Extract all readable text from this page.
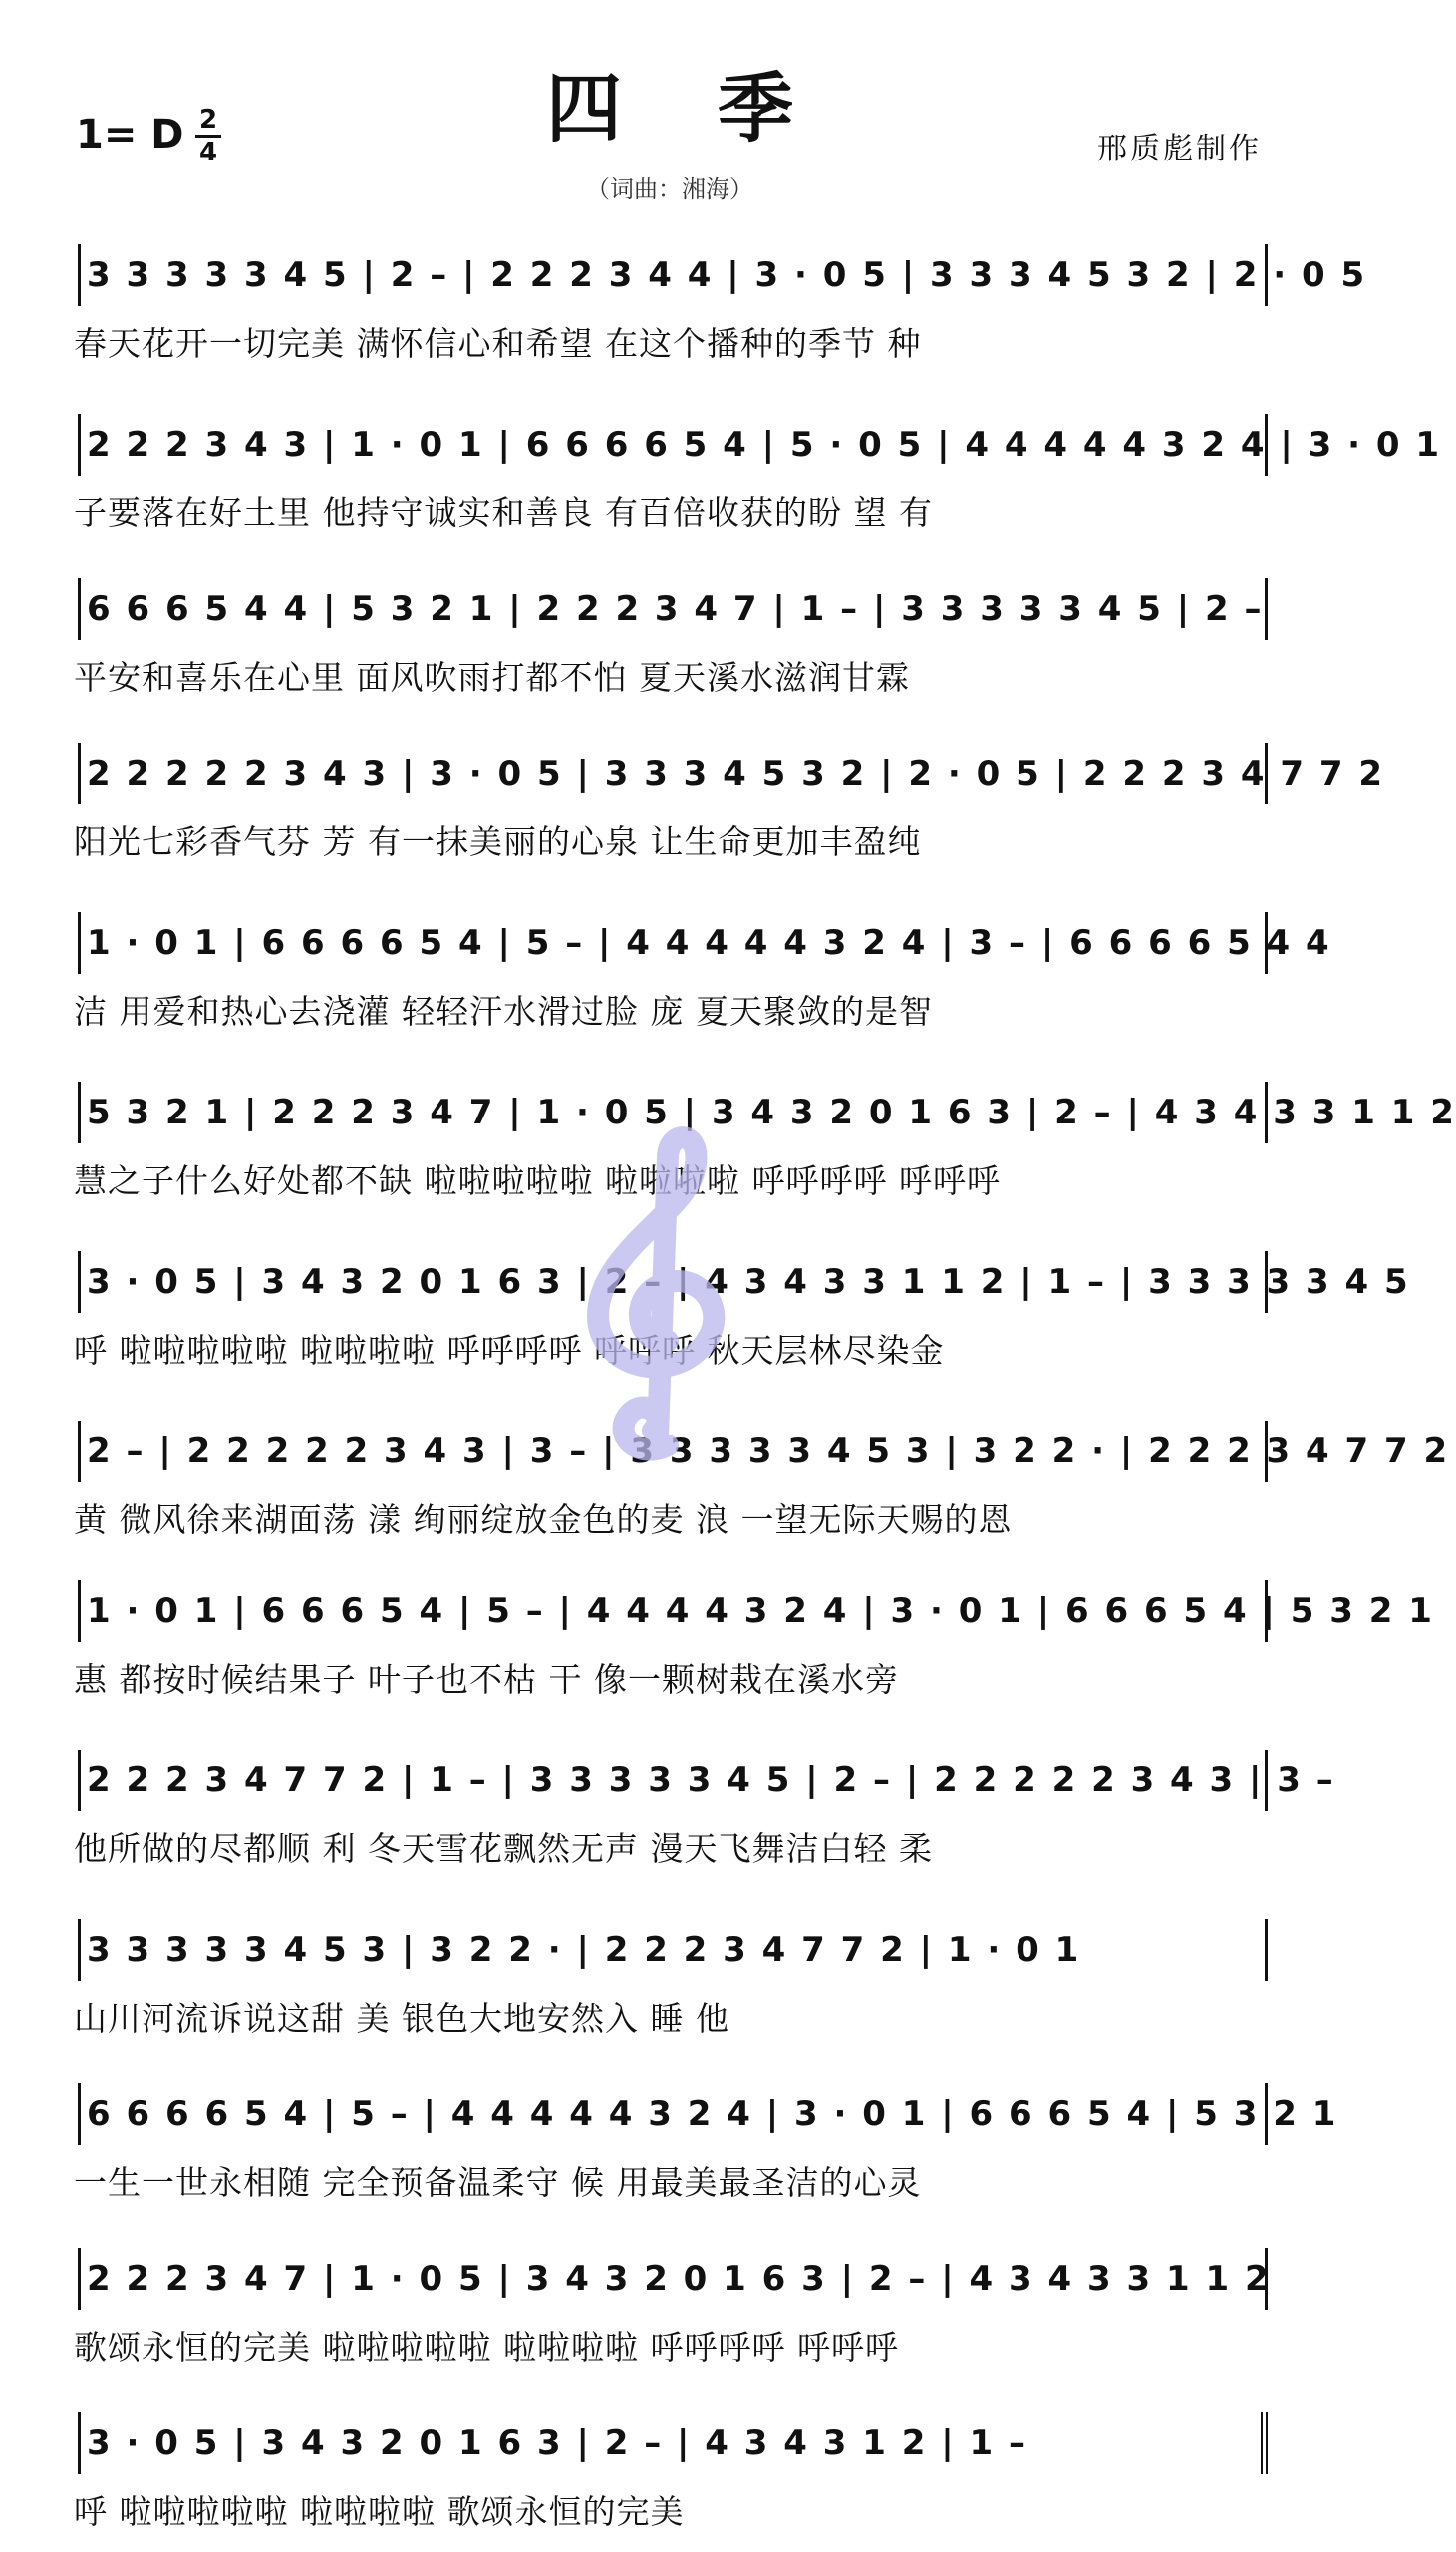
四季
1= D 2
4	邢质彪制作
（词曲：湘海）
3 3 3 3 3 4 5 | 2 – | 2 2 2 3 4 4 | 3 · 0 5 | 3 3 3 4 5 3 2 | 2 · 0 5
春天花开一切完美 满怀信心和希望 在这个播种的季节 种
2 2 2 3 4 3 | 1 · 0 1 | 6 6 6 6 5 4 | 5 · 0 5 | 4 4 4 4 4 3 2 4 | 3 · 0 1
子要落在好土里 他持守诚实和善良 有百倍收获的盼 望 有
6 6 6 5 4 4 | 5 3 2 1 | 2 2 2 3 4 7 | 1 – | 3 3 3 3 3 4 5 | 2 –
平安和喜乐在心里 面风吹雨打都不怕 夏天溪水滋润甘霖
2 2 2 2 2 3 4 3 | 3 · 0 5 | 3 3 3 4 5 3 2 | 2 · 0 5 | 2 2 2 3 4 7 7 2
阳光七彩香气芬 芳 有一抹美丽的心泉 让生命更加丰盈纯
1 · 0 1 | 6 6 6 6 5 4 | 5 – | 4 4 4 4 4 3 2 4 | 3 – | 6 6 6 6 5 4 4
洁 用爱和热心去浇灌 轻轻汗水滑过脸 庞 夏天聚敛的是智
5 3 2 1 | 2 2 2 3 4 7 | 1 · 0 5 | 3 4 3 2 0 1 6 3 | 2 – | 4 3 4 3 3 1 1 2
慧之子什么好处都不缺 啦啦啦啦啦 啦啦啦啦 呼呼呼呼 呼呼呼
3 · 0 5 | 3 4 3 2 0 1 6 3 | 2 – | 4 3 4 3 3 1 1 2 | 1 – | 3 3 3 3 3 4 5
呼 啦啦啦啦啦 啦啦啦啦 呼呼呼呼 呼呼呼 秋天层林尽染金
2 – | 2 2 2 2 2 3 4 3 | 3 – | 3 3 3 3 3 4 5 3 | 3 2 2 · | 2 2 2 3 4 7 7 2
黄 微风徐来湖面荡 漾 绚丽绽放金色的麦 浪 一望无际天赐的恩
1 · 0 1 | 6 6 6 5 4 | 5 – | 4 4 4 4 3 2 4 | 3 · 0 1 | 6 6 6 5 4 | 5 3 2 1
惠 都按时候结果子 叶子也不枯 干 像一颗树栽在溪水旁
2 2 2 3 4 7 7 2 | 1 – | 3 3 3 3 3 4 5 | 2 – | 2 2 2 2 2 3 4 3 | 3 –
他所做的尽都顺 利 冬天雪花飘然无声 漫天飞舞洁白轻 柔
3 3 3 3 3 4 5 3 | 3 2 2 · | 2 2 2 3 4 7 7 2 | 1 · 0 1
山川河流诉说这甜 美 银色大地安然入 睡 他
6 6 6 6 5 4 | 5 – | 4 4 4 4 4 3 2 4 | 3 · 0 1 | 6 6 6 5 4 | 5 3 2 1
一生一世永相随 完全预备温柔守 候 用最美最圣洁的心灵
2 2 2 3 4 7 | 1 · 0 5 | 3 4 3 2 0 1 6 3 | 2 – | 4 3 4 3 3 1 1 2
歌颂永恒的完美 啦啦啦啦啦 啦啦啦啦 呼呼呼呼 呼呼呼
3 · 0 5 | 3 4 3 2 0 1 6 3 | 2 – | 4 3 4 3 1 2 | 1 –
呼 啦啦啦啦啦 啦啦啦啦 歌颂永恒的完美
